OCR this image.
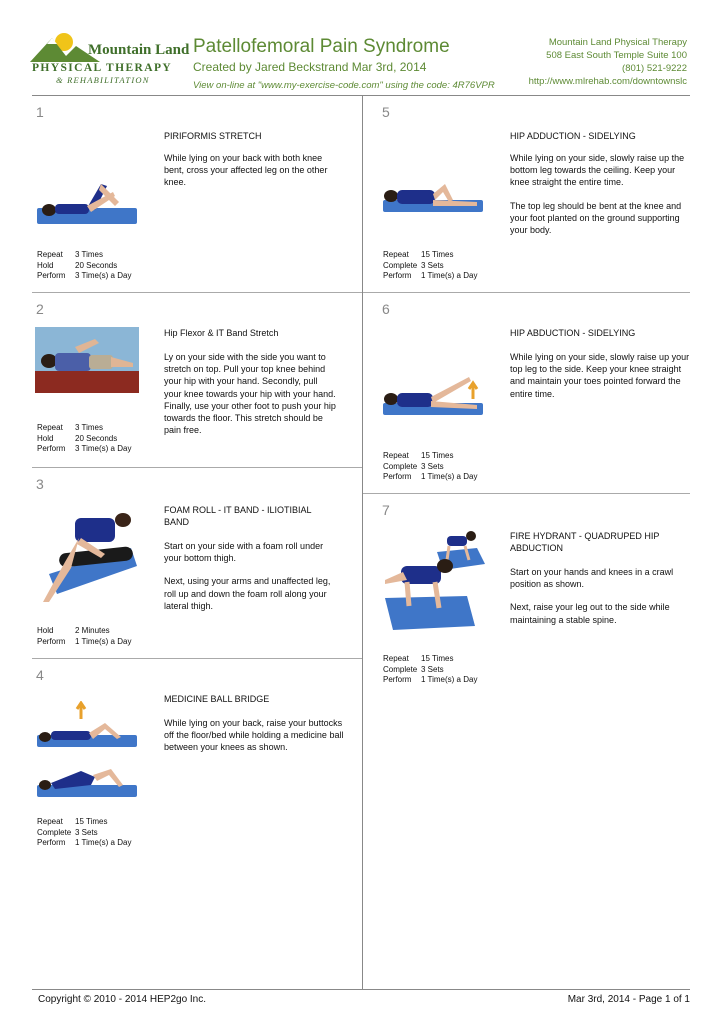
Mountain Land
PHYSICAL THERAPY
& REHABILITATION
Patellofemoral Pain Syndrome
Created by Jared Beckstrand Mar 3rd, 2014
View on-line at "www.my-exercise-code.com" using the code: 4R76VPR
Mountain Land Physical Therapy
508 East South Temple Suite 100
(801) 521-9222
http://www.mlrehab.com/downtownslc
1
PIRIFORMIS STRETCH

While lying on your back with both knee bent, cross your affected leg on the other knee.

Repeat 3 Times
Hold	20 Seconds
Perform 3 Time(s) a Day
2
Hip Flexor & IT Band Stretch

Ly on your side with the side you want to stretch on top. Pull your top knee behind your hip with your hand. Secondly, pull your knee towards your hip with your hand. Finally, use your other foot to push your hip towards the floor. This stretch should be pain free.

Repeat 3 Times
Hold	20 Seconds
Perform 3 Time(s) a Day
3
FOAM ROLL - IT BAND - ILIOTIBIAL BAND

Start on your side with a foam roll under your bottom thigh.

Next, using your arms and unaffected leg, roll up and down the foam roll along your lateral thigh.

Hold	2 Minutes
Perform 1 Time(s) a Day
4
MEDICINE BALL BRIDGE

While lying on your back, raise your buttocks off the floor/bed while holding a medicine ball between your knees as shown.

Repeat 15 Times
Complete 3 Sets
Perform 1 Time(s) a Day
5
HIP ADDUCTION - SIDELYING

While lying on your side, slowly raise up the bottom leg towards the ceiling. Keep your knee straight the entire time.

The top leg should be bent at the knee and your foot planted on the ground supporting your body.

Repeat 15 Times
Complete 3 Sets
Perform 1 Time(s) a Day
6
HIP ABDUCTION - SIDELYING

While lying on your side, slowly raise up your top leg to the side. Keep your knee straight and maintain your toes pointed forward the entire time.

Repeat 15 Times
Complete 3 Sets
Perform 1 Time(s) a Day
7
FIRE HYDRANT - QUADRUPED HIP ABDUCTION

Start on your hands and knees in a crawl position as shown.

Next, raise your leg out to the side while maintaining a stable spine.

Repeat 15 Times
Complete 3 Sets
Perform 1 Time(s) a Day
Copyright © 2010 - 2014 HEP2go Inc.	Mar 3rd, 2014 - Page 1 of 1
